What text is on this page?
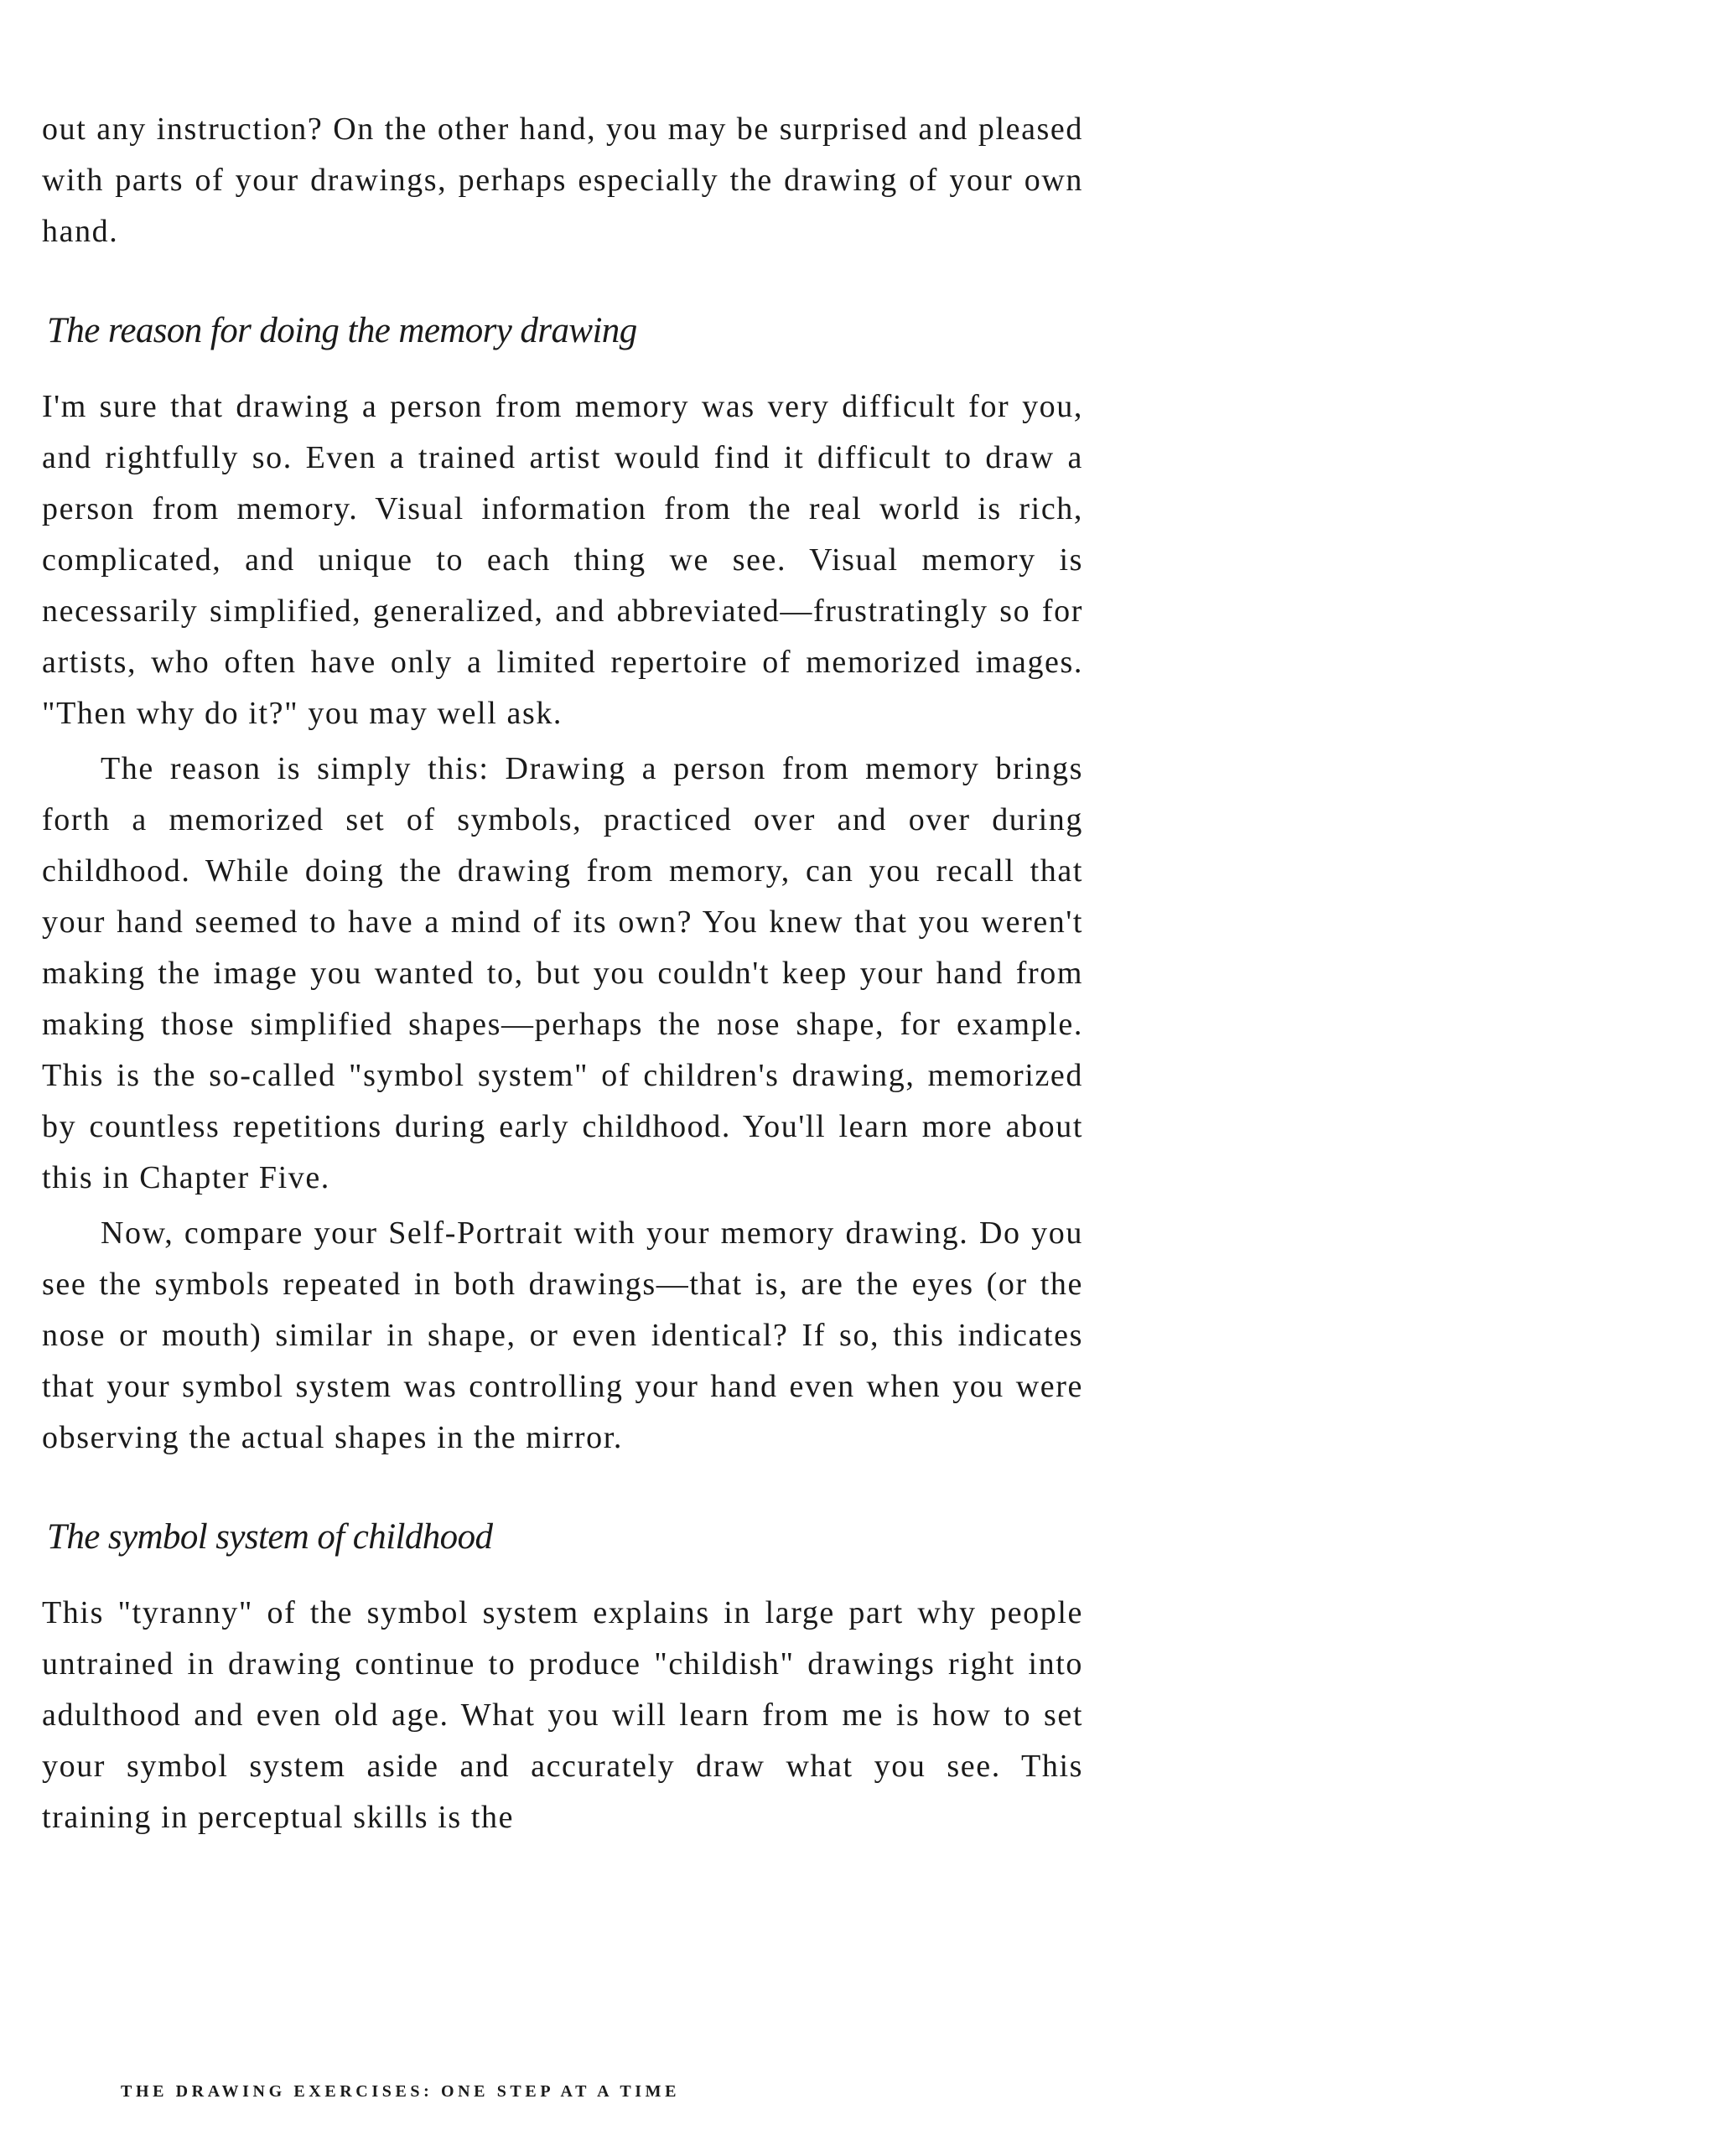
out any instruction? On the other hand, you may be surprised and pleased with parts of your drawings, perhaps especially the drawing of your own hand.

The reason for doing the memory drawing

I'm sure that drawing a person from memory was very difficult for you, and rightfully so. Even a trained artist would find it difficult to draw a person from memory. Visual information from the real world is rich, complicated, and unique to each thing we see. Visual memory is necessarily simplified, generalized, and abbreviated—frustratingly so for artists, who often have only a limited repertoire of memorized images. "Then why do it?" you may well ask.

The reason is simply this: Drawing a person from memory brings forth a memorized set of symbols, practiced over and over during childhood. While doing the drawing from memory, can you recall that your hand seemed to have a mind of its own? You knew that you weren't making the image you wanted to, but you couldn't keep your hand from making those simplified shapes—perhaps the nose shape, for example. This is the so-called "symbol system" of children's drawing, memorized by countless repetitions during early childhood. You'll learn more about this in Chapter Five.

Now, compare your Self-Portrait with your memory drawing. Do you see the symbols repeated in both drawings—that is, are the eyes (or the nose or mouth) similar in shape, or even identical? If so, this indicates that your symbol system was controlling your hand even when you were observing the actual shapes in the mirror.

The symbol system of childhood

This "tyranny" of the symbol system explains in large part why people untrained in drawing continue to produce "childish" drawings right into adulthood and even old age. What you will learn from me is how to set your symbol system aside and accurately draw what you see. This training in perceptual skills is the

THE DRAWING EXERCISES: ONE STEP AT A TIME
